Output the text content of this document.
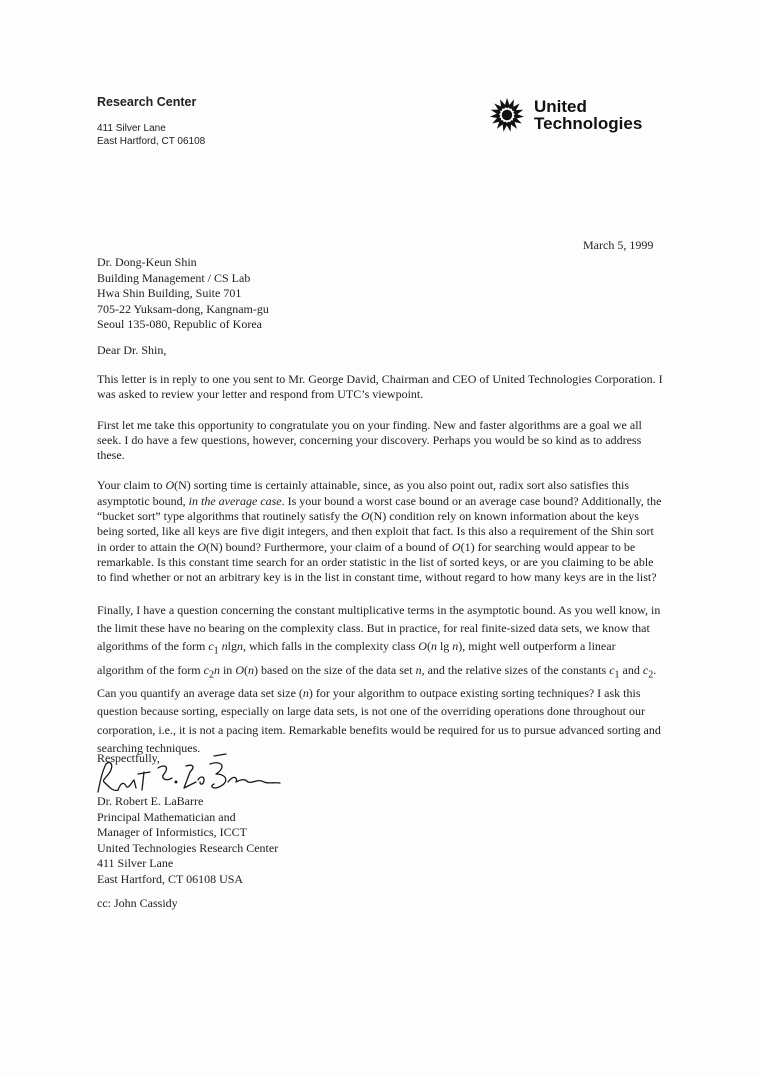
Research Center
411 Silver Lane
East Hartford, CT 06108
United
Technologies
March 5, 1999
Dr. Dong-Keun Shin
Building Management / CS Lab
Hwa Shin Building, Suite 701
705-22 Yuksam-dong, Kangnam-gu
Seoul 135-080, Republic of Korea
Dear Dr. Shin,

This letter is in reply to one you sent to Mr. George David, Chairman and CEO of United Technologies Corporation. I was asked to review your letter and respond from UTC’s viewpoint.

First let me take this opportunity to congratulate you on your finding. New and faster algorithms are a goal we all seek. I do have a few questions, however, concerning your discovery. Perhaps you would be so kind as to address these.

Your claim to O(N) sorting time is certainly attainable, since, as you also point out, radix sort also satisfies this asymptotic bound, in the average case. Is your bound a worst case bound or an average case bound? Additionally, the “bucket sort” type algorithms that routinely satisfy the O(N) condition rely on known information about the keys being sorted, like all keys are five digit integers, and then exploit that fact. Is this also a requirement of the Shin sort in order to attain the O(N) bound? Furthermore, your claim of a bound of O(1) for searching would appear to be remarkable. Is this constant time search for an order statistic in the list of sorted keys, or are you claiming to be able to find whether or not an arbitrary key is in the list in constant time, without regard to how many keys are in the list?

Finally, I have a question concerning the constant multiplicative terms in the asymptotic bound. As you well know, in the limit these have no bearing on the complexity class. But in practice, for real finite-sized data sets, we know that algorithms of the form $c_1$ nlgn, which falls in the complexity class O(n lg n), might well outperform a linear algorithm of the form $c_2n$ in O(n) based on the size of the data set n, and the relative sizes of the constants $c_1$ and $c_2$. Can you quantify an average data set size (n) for your algorithm to outpace existing sorting techniques? I ask this question because sorting, especially on large data sets, is not one of the overriding operations done throughout our corporation, i.e., it is not a pacing item. Remarkable benefits would be required for us to pursue advanced sorting and searching techniques.

Respectfully,
Dr. Robert E. LaBarre
Principal Mathematician and
Manager of Informistics, ICCT
United Technologies Research Center
411 Silver Lane
East Hartford, CT 06108 USA
cc: John Cassidy
